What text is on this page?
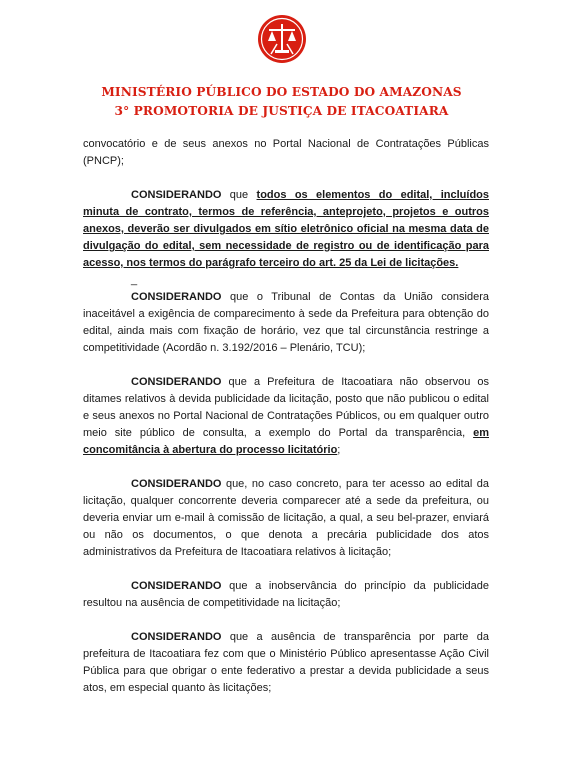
MINISTÉRIO PÚBLICO DO ESTADO DO AMAZONAS
3° PROMOTORIA DE JUSTIÇA DE ITACOATIARA

convocatório e de seus anexos no Portal Nacional de Contratações Públicas (PNCP);

CONSIDERANDO que todos os elementos do edital, incluídos minuta de contrato, termos de referência, anteprojeto, projetos e outros anexos, deverão ser divulgados em sítio eletrônico oficial na mesma data de divulgação do edital, sem necessidade de registro ou de identificação para acesso, nos termos do parágrafo terceiro do art. 25 da Lei de licitações.

_

CONSIDERANDO que o Tribunal de Contas da União considera inaceitável a exigência de comparecimento à sede da Prefeitura para obtenção do edital, ainda mais com fixação de horário, vez que tal circunstância restringe a competitividade (Acordão n. 3.192/2016 – Plenário, TCU);

CONSIDERANDO que a Prefeitura de Itacoatiara não observou os ditames relativos à devida publicidade da licitação, posto que não publicou o edital e seus anexos no Portal Nacional de Contratações Públicos, ou em qualquer outro meio site público de consulta, a exemplo do Portal da transparência, em concomitância à abertura do processo licitatório;

CONSIDERANDO que, no caso concreto, para ter acesso ao edital da licitação, qualquer concorrente deveria comparecer até a sede da prefeitura, ou deveria enviar um e-mail à comissão de licitação, a qual, a seu bel-prazer, enviará ou não os documentos, o que denota a precária publicidade dos atos administrativos da Prefeitura de Itacoatiara relativos à licitação;

CONSIDERANDO que a inobservância do princípio da publicidade resultou na ausência de competitividade na licitação;

CONSIDERANDO que a ausência de transparência por parte da prefeitura de Itacoatiara fez com que o Ministério Público apresentasse Ação Civil Pública para que obrigar o ente federativo a prestar a devida publicidade a seus atos, em especial quanto às licitações;
